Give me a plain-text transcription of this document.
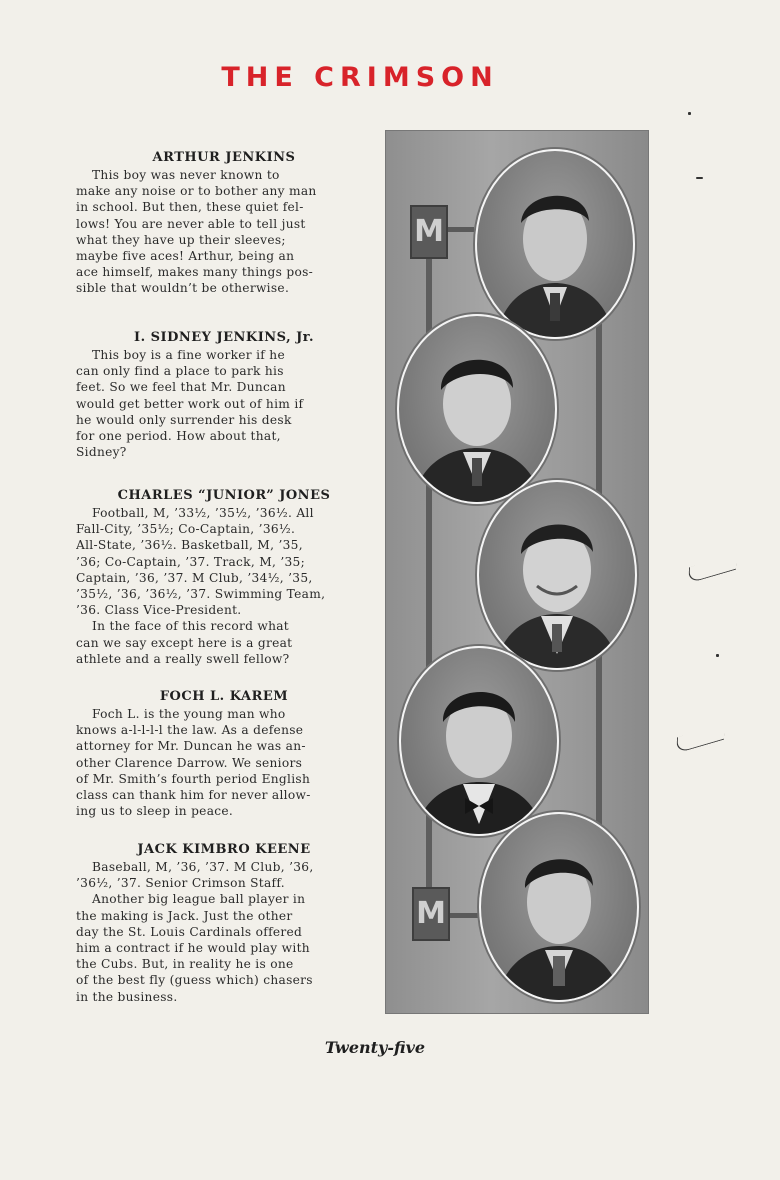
THE CRIMSON
ARTHUR JENKINS

This boy was never known to
make any noise or to bother any man
in school. But then, these quiet fel-
lows! You are never able to tell just
what they have up their sleeves;
maybe five aces! Arthur, being an
ace himself, makes many things pos-
sible that wouldn’t be otherwise.

I. SIDNEY JENKINS, Jr.

This boy is a fine worker if he
can only find a place to park his
feet. So we feel that Mr. Duncan
would get better work out of him if
he would only surrender his desk
for one period. How about that,
Sidney?

CHARLES “JUNIOR” JONES

Football, M, ’33½, ’35½, ’36½. All
Fall-City, ’35½; Co-Captain, ’36½.
All-State, ’36½. Basketball, M, ’35,
’36; Co-Captain, ’37. Track, M, ’35;
Captain, ’36, ’37. M Club, ’34½, ’35,
’35½, ’36, ’36½, ’37. Swimming Team,
’36. Class Vice-President.
In the face of this record what
can we say except here is a great
athlete and a really swell fellow?

FOCH L. KAREM

Foch L. is the young man who
knows a-l-l-l-l the law. As a defense
attorney for Mr. Duncan he was an-
other Clarence Darrow. We seniors
of Mr. Smith’s fourth period English
class can thank him for never allow-
ing us to sleep in peace.

JACK KIMBRO KEENE

Baseball, M, ’36, ’37. M Club, ’36,
’36½, ’37. Senior Crimson Staff.
Another big league ball player in
the making is Jack. Just the other
day the St. Louis Cardinals offered
him a contract if he would play with
the Cubs. But, in reality he is one
of the best fly (guess which) chasers
in the business.

M
M
Twenty-five
